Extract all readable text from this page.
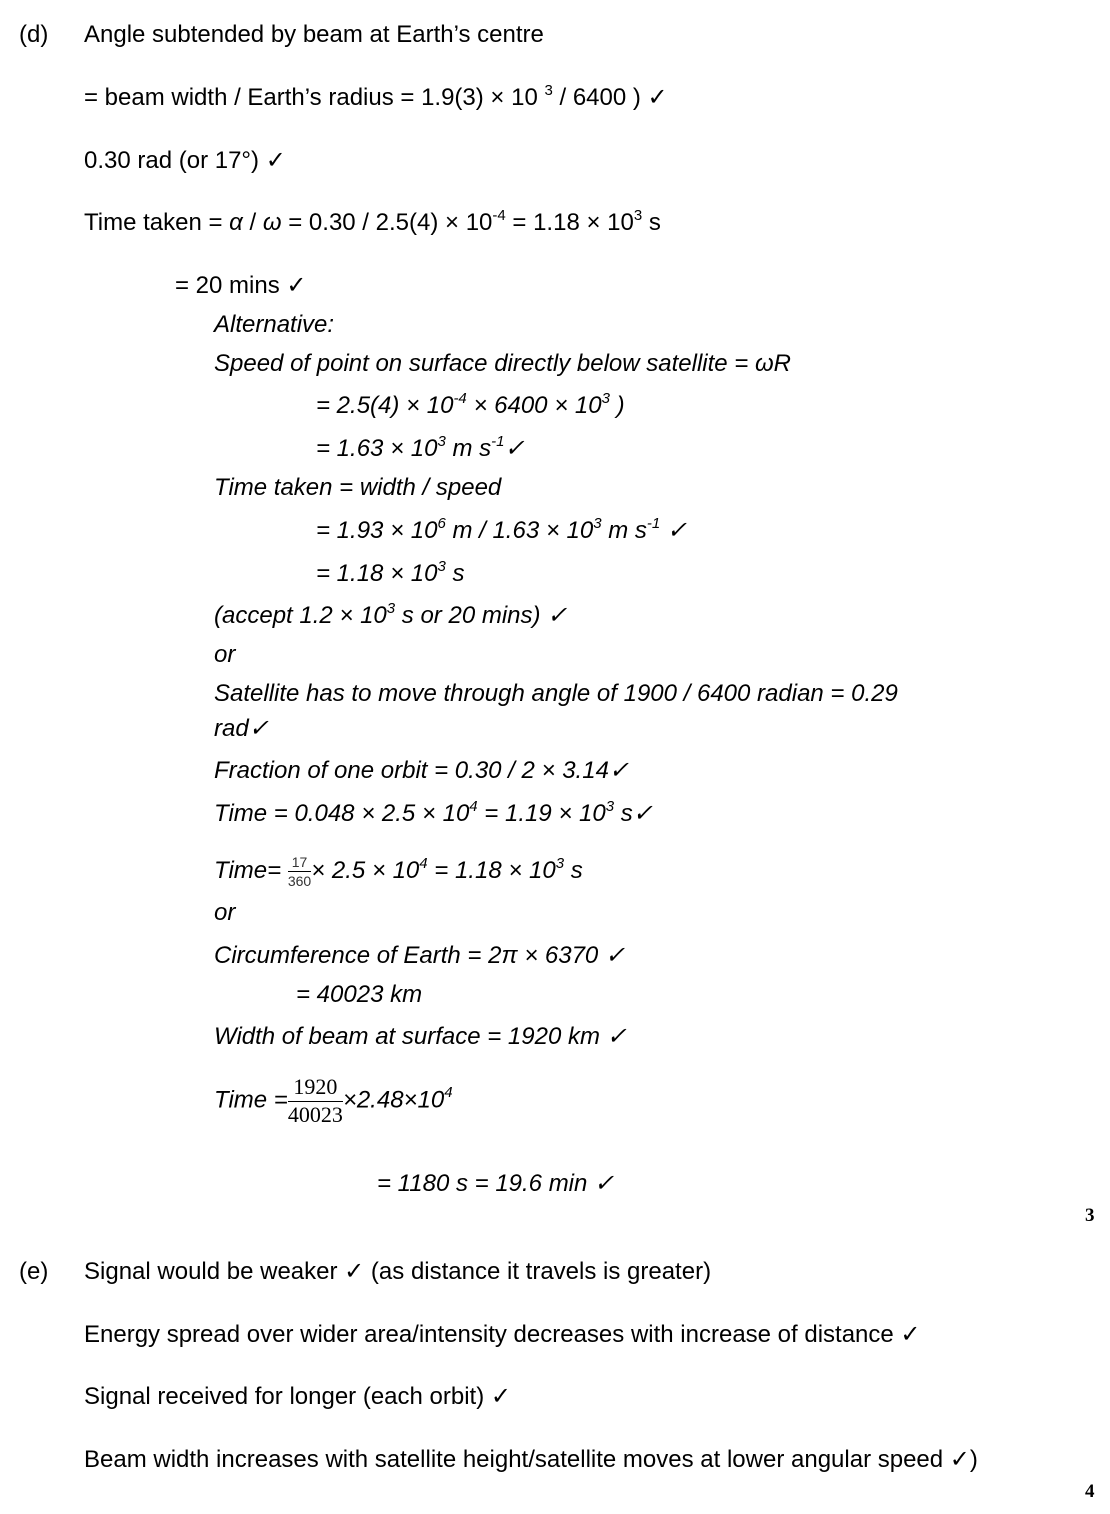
(d) Angle subtended by beam at Earth’s centre
= beam width / Earth’s radius = 1.9(3) × 10 $^3$ / 6400 ) ✓
0.30 rad (or 17°) ✓
Time taken = $\alpha / \omega = 0.30 / 2.5(4) \times 10^{-4} = 1.18 \times 10^3$ s
= 20 mins ✓
Alternative:
Speed of point on surface directly below satellite = ωR
= $2.5(4) \times 10^{-4} \times 6400 \times 10^3$ )
= $1.63 \times 10^3$ m $s^{-1}✓$
Time taken = width / speed
= $1.93 \times 10^6$ $m / 1.63 \times 10^3$ m $s^{-1}$ ✓
= $1.18 \times 10^3$ s
(accept $1.2 \times 10^3$ s or 20 mins) ✓
or
Satellite has to move through angle of 1900 / 6400 radian = 0.29
rad✓
Fraction of one orbit = 0.30 / 2 × 3.14✓
Time = $0.048 \times 2.5 \times 10^4 = 1.19 \times 10^3$ s✓
Time= $\frac{17}{360} \times 2.5 \times 10^4 = 1.18 \times 10^3$ s
or
Circumference of Earth = 2π × 6370 ✓
= 40023 km
Width of beam at surface = 1920 km ✓
Time = $\frac{1920}{40023} \times 2.48\times 10^4$
= 1180 s = 19.6 min ✓
3
(e) Signal would be weaker ✓ (as distance it travels is greater)
Energy spread over wider area/intensity decreases with increase of distance ✓
Signal received for longer (each orbit) ✓
Beam width increases with satellite height/satellite moves at lower angular speed ✓)
4
